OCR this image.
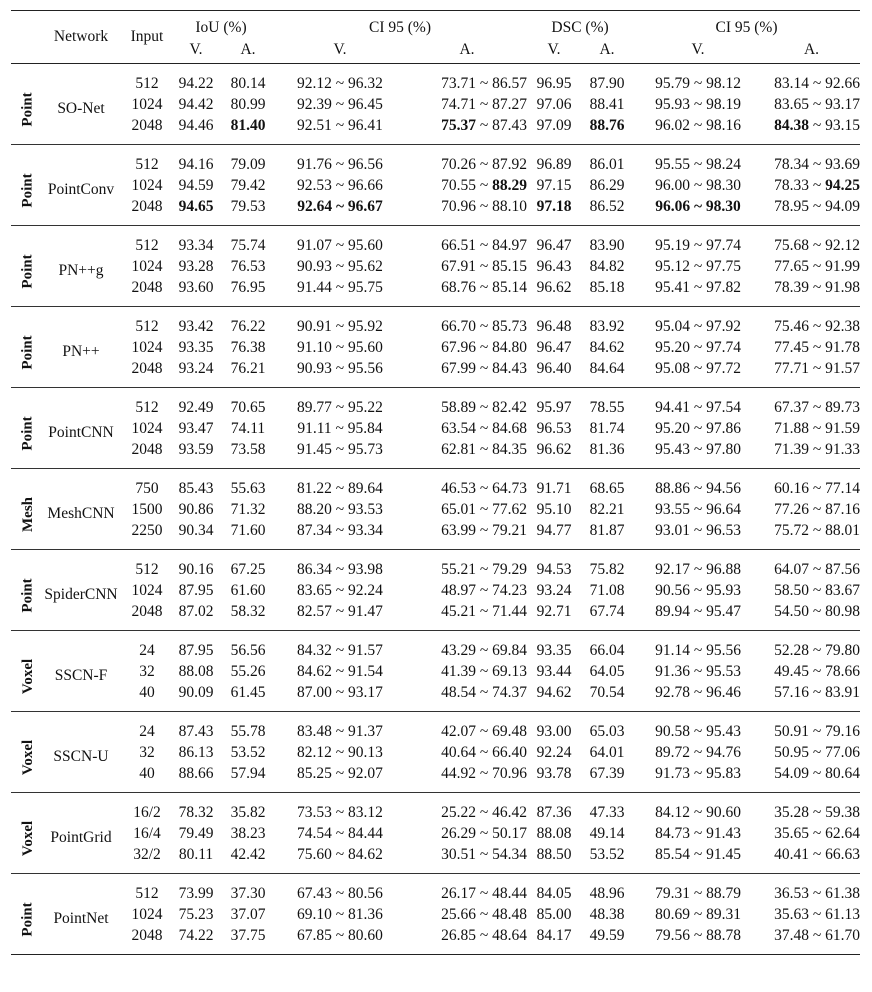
	Network	Input	IoU (%)		CI 95 (%)		DSC (%)		CI 95 (%)	
			V.	A.	V.	A.	V.	A.	V.	A.
Point	SO-Net	512	94.22	80.14	92.12 ~ 96.32	73.71 ~ 86.57	96.95	87.90	95.79 ~ 98.12	83.14 ~ 92.66
		1024	94.42	80.99	92.39 ~ 96.45	74.71 ~ 87.27	97.06	88.41	95.93 ~ 98.19	83.65 ~ 93.17
		2048	94.46	81.40	92.51 ~ 96.41	75.37 ~ 87.43	97.09	88.76	96.02 ~ 98.16	84.38 ~ 93.15
Point	PointConv	512	94.16	79.09	91.76 ~ 96.56	70.26 ~ 87.92	96.89	86.01	95.55 ~ 98.24	78.34 ~ 93.69
		1024	94.59	79.42	92.53 ~ 96.66	70.55 ~ 88.29	97.15	86.29	96.00 ~ 98.30	78.33 ~ 94.25
		2048	94.65	79.53	92.64 ~ 96.67	70.96 ~ 88.10	97.18	86.52	96.06 ~ 98.30	78.95 ~ 94.09
Point	PN++g	512	93.34	75.74	91.07 ~ 95.60	66.51 ~ 84.97	96.47	83.90	95.19 ~ 97.74	75.68 ~ 92.12
		1024	93.28	76.53	90.93 ~ 95.62	67.91 ~ 85.15	96.43	84.82	95.12 ~ 97.75	77.65 ~ 91.99
		2048	93.60	76.95	91.44 ~ 95.75	68.76 ~ 85.14	96.62	85.18	95.41 ~ 97.82	78.39 ~ 91.98
Point	PN++	512	93.42	76.22	90.91 ~ 95.92	66.70 ~ 85.73	96.48	83.92	95.04 ~ 97.92	75.46 ~ 92.38
		1024	93.35	76.38	91.10 ~ 95.60	67.96 ~ 84.80	96.47	84.62	95.20 ~ 97.74	77.45 ~ 91.78
		2048	93.24	76.21	90.93 ~ 95.56	67.99 ~ 84.43	96.40	84.64	95.08 ~ 97.72	77.71 ~ 91.57
Point	PointCNN	512	92.49	70.65	89.77 ~ 95.22	58.89 ~ 82.42	95.97	78.55	94.41 ~ 97.54	67.37 ~ 89.73
		1024	93.47	74.11	91.11 ~ 95.84	63.54 ~ 84.68	96.53	81.74	95.20 ~ 97.86	71.88 ~ 91.59
		2048	93.59	73.58	91.45 ~ 95.73	62.81 ~ 84.35	96.62	81.36	95.43 ~ 97.80	71.39 ~ 91.33
Mesh	MeshCNN	750	85.43	55.63	81.22 ~ 89.64	46.53 ~ 64.73	91.71	68.65	88.86 ~ 94.56	60.16 ~ 77.14
		1500	90.86	71.32	88.20 ~ 93.53	65.01 ~ 77.62	95.10	82.21	93.55 ~ 96.64	77.26 ~ 87.16
		2250	90.34	71.60	87.34 ~ 93.34	63.99 ~ 79.21	94.77	81.87	93.01 ~ 96.53	75.72 ~ 88.01
Point	SpiderCNN	512	90.16	67.25	86.34 ~ 93.98	55.21 ~ 79.29	94.53	75.82	92.17 ~ 96.88	64.07 ~ 87.56
		1024	87.95	61.60	83.65 ~ 92.24	48.97 ~ 74.23	93.24	71.08	90.56 ~ 95.93	58.50 ~ 83.67
		2048	87.02	58.32	82.57 ~ 91.47	45.21 ~ 71.44	92.71	67.74	89.94 ~ 95.47	54.50 ~ 80.98
Voxel	SSCN-F	24	87.95	56.56	84.32 ~ 91.57	43.29 ~ 69.84	93.35	66.04	91.14 ~ 95.56	52.28 ~ 79.80
		32	88.08	55.26	84.62 ~ 91.54	41.39 ~ 69.13	93.44	64.05	91.36 ~ 95.53	49.45 ~ 78.66
		40	90.09	61.45	87.00 ~ 93.17	48.54 ~ 74.37	94.62	70.54	92.78 ~ 96.46	57.16 ~ 83.91
Voxel	SSCN-U	24	87.43	55.78	83.48 ~ 91.37	42.07 ~ 69.48	93.00	65.03	90.58 ~ 95.43	50.91 ~ 79.16
		32	86.13	53.52	82.12 ~ 90.13	40.64 ~ 66.40	92.24	64.01	89.72 ~ 94.76	50.95 ~ 77.06
		40	88.66	57.94	85.25 ~ 92.07	44.92 ~ 70.96	93.78	67.39	91.73 ~ 95.83	54.09 ~ 80.64
Voxel	PointGrid	16/2	78.32	35.82	73.53 ~ 83.12	25.22 ~ 46.42	87.36	47.33	84.12 ~ 90.60	35.28 ~ 59.38
		16/4	79.49	38.23	74.54 ~ 84.44	26.29 ~ 50.17	88.08	49.14	84.73 ~ 91.43	35.65 ~ 62.64
		32/2	80.11	42.42	75.60 ~ 84.62	30.51 ~ 54.34	88.50	53.52	85.54 ~ 91.45	40.41 ~ 66.63
Point	PointNet	512	73.99	37.30	67.43 ~ 80.56	26.17 ~ 48.44	84.05	48.96	79.31 ~ 88.79	36.53 ~ 61.38
		1024	75.23	37.07	69.10 ~ 81.36	25.66 ~ 48.48	85.00	48.38	80.69 ~ 89.31	35.63 ~ 61.13
		2048	74.22	37.75	67.85 ~ 80.60	26.85 ~ 48.64	84.17	49.59	79.56 ~ 88.78	37.48 ~ 61.70
